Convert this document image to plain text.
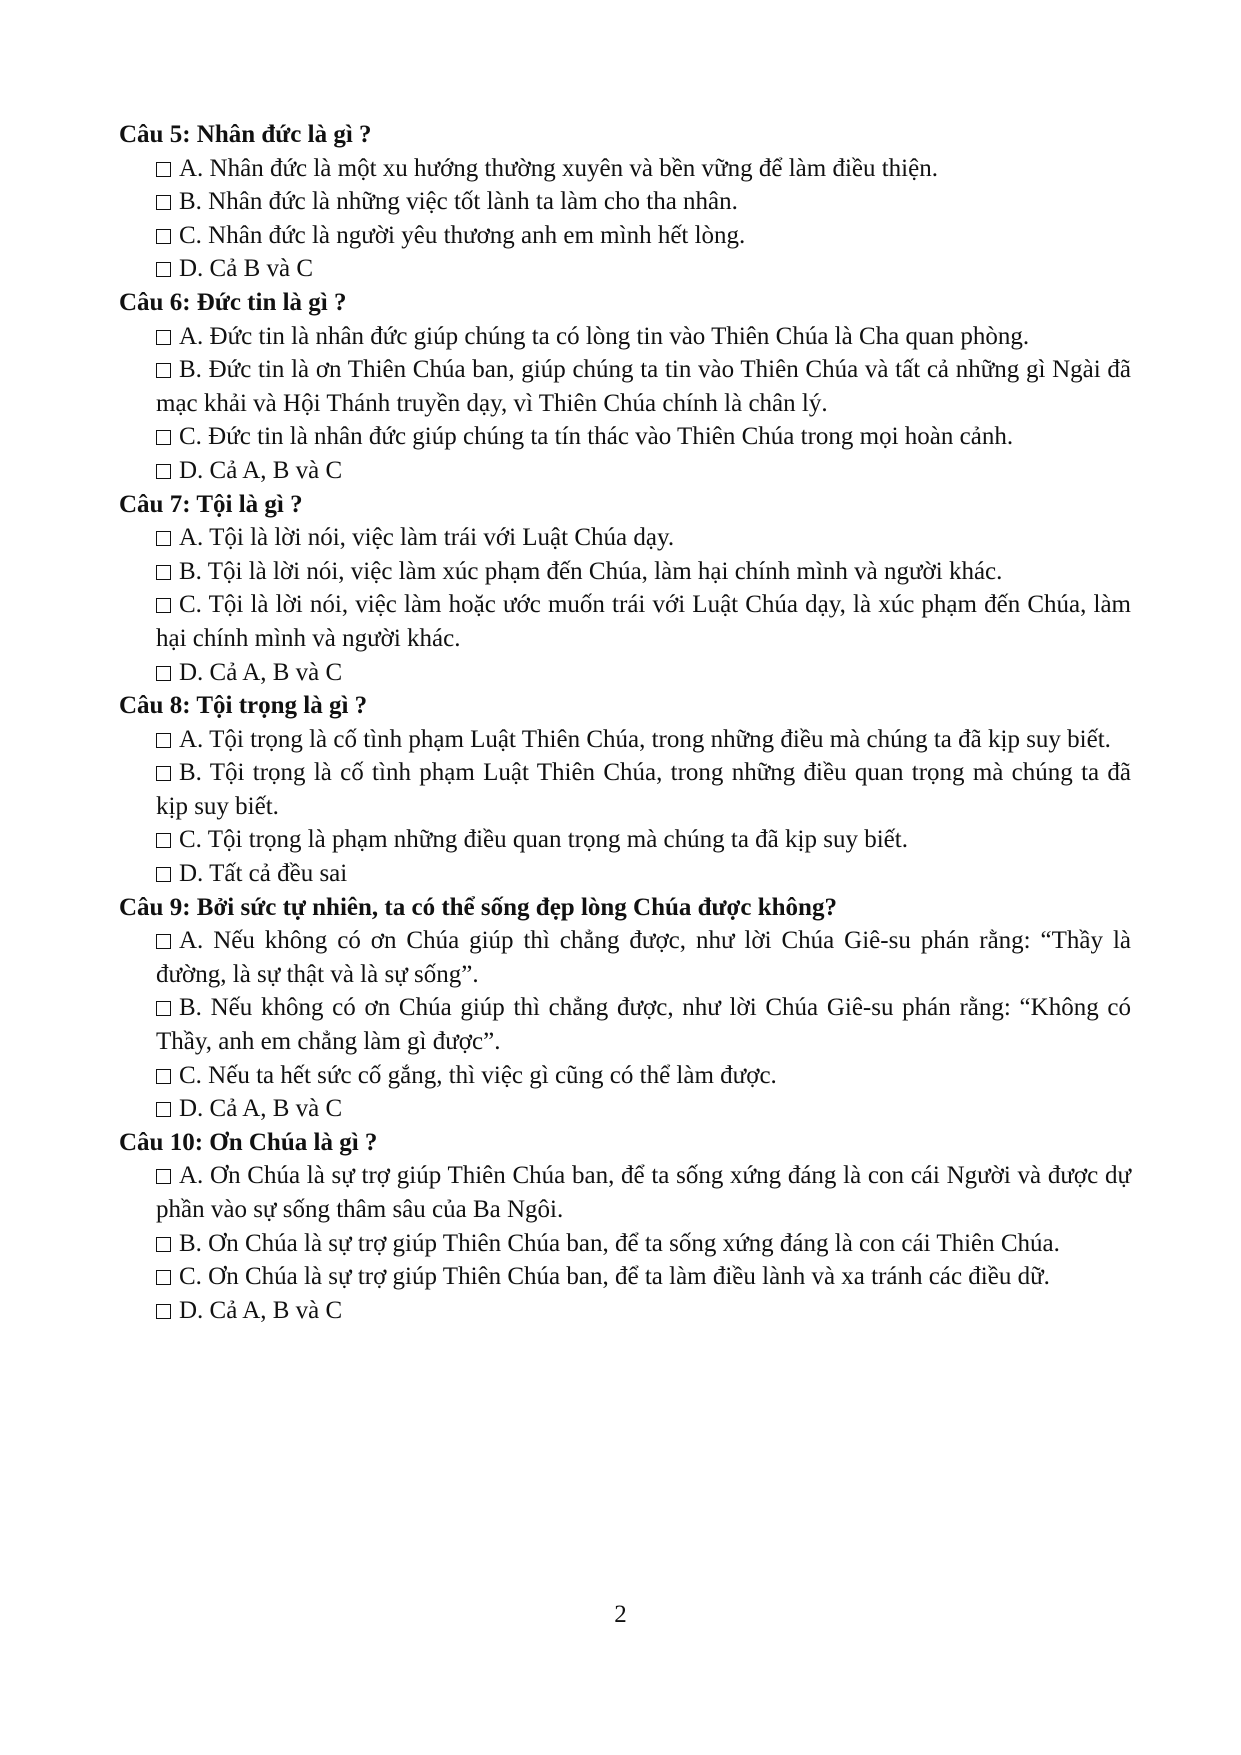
Câu 5: Nhân đức là gì ?

A. Nhân đức là một xu hướng thường xuyên và bền vững để làm điều thiện.

B. Nhân đức là những việc tốt lành ta làm cho tha nhân.

C. Nhân đức là người yêu thương anh em mình hết lòng.

D. Cả B và C

Câu 6: Đức tin là gì ?

A. Đức tin là nhân đức giúp chúng ta có lòng tin vào Thiên Chúa là Cha quan phòng.

B. Đức tin là ơn Thiên Chúa ban, giúp chúng ta tin vào Thiên Chúa và tất cả những gì Ngài đã mạc khải và Hội Thánh truyền dạy, vì Thiên Chúa chính là chân lý.

C. Đức tin là nhân đức giúp chúng ta tín thác vào Thiên Chúa trong mọi hoàn cảnh.

D. Cả A, B và C

Câu 7: Tội là gì ?

A. Tội là lời nói, việc làm trái với Luật Chúa dạy.

B. Tội là lời nói, việc làm xúc phạm đến Chúa, làm hại chính mình và người khác.

C. Tội là lời nói, việc làm hoặc ước muốn trái với Luật Chúa dạy, là xúc phạm đến Chúa, làm hại chính mình và người khác.

D. Cả A, B và C

Câu 8: Tội trọng là gì ?

A. Tội trọng là cố tình phạm Luật Thiên Chúa, trong những điều mà chúng ta đã kịp suy biết.

B. Tội trọng là cố tình phạm Luật Thiên Chúa, trong những điều quan trọng mà chúng ta đã kịp suy biết.

C. Tội trọng là phạm những điều quan trọng mà chúng ta đã kịp suy biết.

D. Tất cả đều sai

Câu 9: Bởi sức tự nhiên, ta có thể sống đẹp lòng Chúa được không?

A. Nếu không có ơn Chúa giúp thì chẳng được, như lời Chúa Giê-su phán rằng: “Thầy là đường, là sự thật và là sự sống”.

B. Nếu không có ơn Chúa giúp thì chẳng được, như lời Chúa Giê-su phán rằng: “Không có Thầy, anh em chẳng làm gì được”.

C. Nếu ta hết sức cố gắng, thì việc gì cũng có thể làm được.

D. Cả A, B và C

Câu 10: Ơn Chúa là gì ?

A. Ơn Chúa là sự trợ giúp Thiên Chúa ban, để ta sống xứng đáng là con cái Người và được dự phần vào sự sống thâm sâu của Ba Ngôi.

B. Ơn Chúa là sự trợ giúp Thiên Chúa ban, để ta sống xứng đáng là con cái Thiên Chúa.

C. Ơn Chúa là sự trợ giúp Thiên Chúa ban, để ta làm điều lành và xa tránh các điều dữ.

D. Cả A, B và C

2
